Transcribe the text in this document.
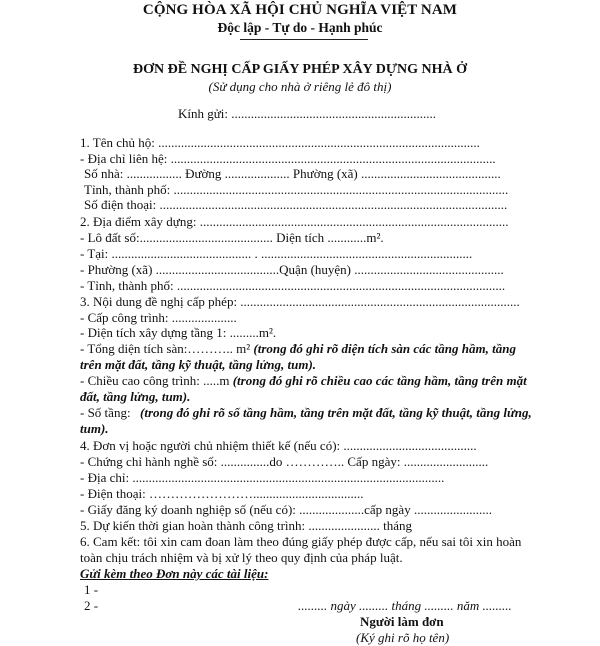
CỘNG HÒA XÃ HỘI CHỦ NGHĨA VIỆT NAM
Độc lập - Tự do - Hạnh phúc
ĐƠN ĐỀ NGHỊ CẤP GIẤY PHÉP XÂY DỰNG NHÀ Ở
(Sử dụng cho nhà ở riêng lẻ đô thị)
Kính gửi: ...............................................................
1. Tên chủ hộ: ...................................................................................................
- Địa chỉ liên hệ: ....................................................................................................
Số nhà: ................. Đường .................... Phường (xã) ...........................................
Tỉnh, thành phố: .......................................................................................................
Số điện thoại: ...........................................................................................................
2. Địa điểm xây dựng: ...............................................................................................
- Lô đất số:......................................... Diện tích ............m².
- Tại: ........................................... . .................................................................
- Phường (xã) ......................................Quận (huyện) ..............................................
- Tỉnh, thành phố: .....................................................................................................
3. Nội dung đề nghị cấp phép: ......................................................................................
- Cấp công trình: ....................
- Diện tích xây dựng tầng 1: .........m².
- Tổng diện tích sàn:……….. m² (trong đó ghi rõ diện tích sàn các tầng hầm, tầng
trên mặt đất, tầng kỹ thuật, tầng lửng, tum).
- Chiều cao công trình: .....m (trong đó ghi rõ chiều cao các tầng hầm, tầng trên mặt
đất, tầng lửng, tum).
- Số tầng: (trong đó ghi rõ số tầng hầm, tầng trên mặt đất, tầng kỹ thuật, tầng lửng,
tum).
4. Đơn vị hoặc người chủ nhiệm thiết kế (nếu có): .........................................
- Chứng chỉ hành nghề số: ...............do ………….. Cấp ngày: ..........................
- Địa chỉ: ................................................................................................
- Điện thoại: ……………………..................................
- Giấy đăng ký doanh nghiệp số (nếu có): ....................cấp ngày ........................
5. Dự kiến thời gian hoàn thành công trình: ...................... tháng
6. Cam kết: tôi xin cam đoan làm theo đúng giấy phép được cấp, nếu sai tôi xin hoàn
toàn chịu trách nhiệm và bị xử lý theo quy định của pháp luật.
Gửi kèm theo Đơn này các tài liệu:
1 -
2 -	......... ngày ......... tháng ......... năm .........
Người làm đơn
(Ký ghi rõ họ tên)
